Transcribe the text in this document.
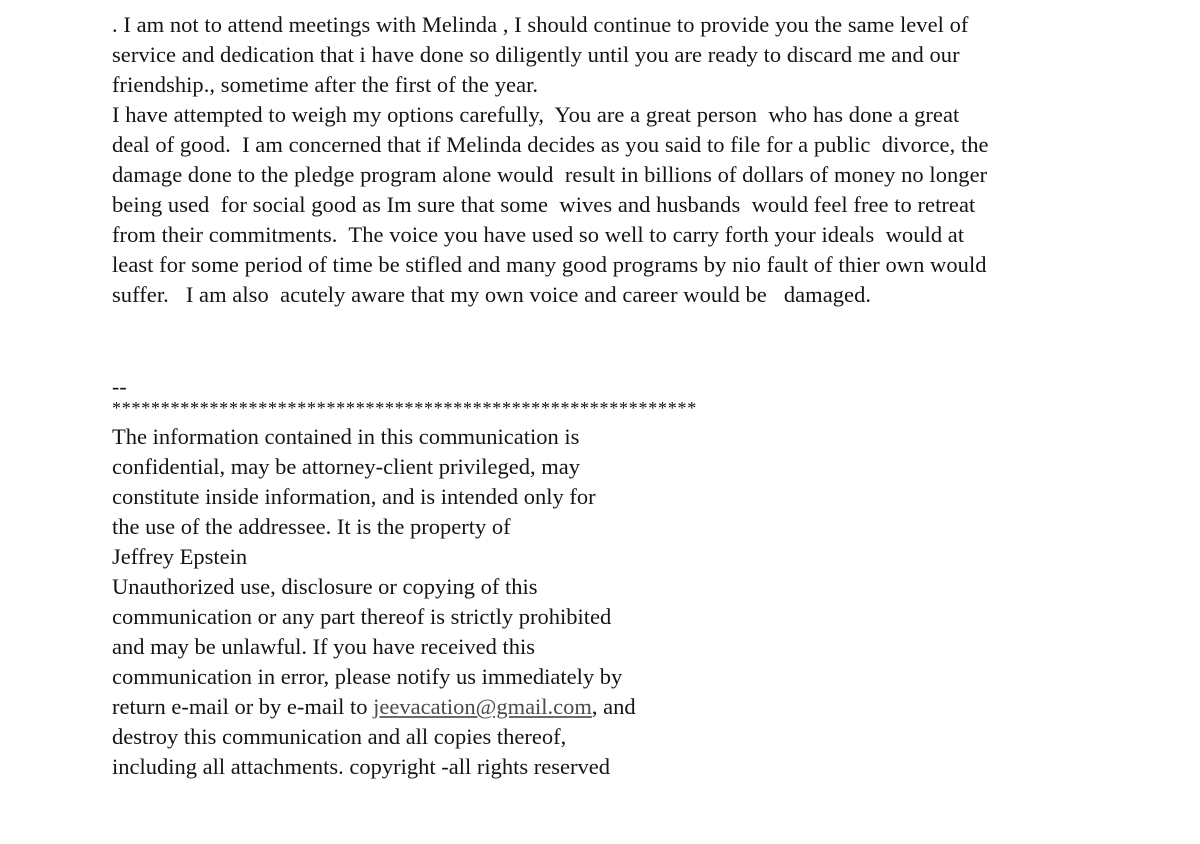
. I am not to attend meetings with Melinda , I should continue to provide you the same level of
service and dedication that i have done so diligently until you are ready to discard me and our
friendship., sometime after the first of the year.
I have attempted to weigh my options carefully,  You are a great person  who has done a great
deal of good.  I am concerned that if Melinda decides as you said to file for a public  divorce, the
damage done to the pledge program alone would  result in billions of dollars of money no longer
being used  for social good as Im sure that some  wives and husbands  would feel free to retreat
from their commitments.  The voice you have used so well to carry forth your ideals  would at
least for some period of time be stifled and many good programs by nio fault of thier own would
suffer.   I am also  acutely aware that my own voice and career would be   damaged.
--
************************************************************
The information contained in this communication is
confidential, may be attorney-client privileged, may
constitute inside information, and is intended only for
the use of the addressee. It is the property of
Jeffrey Epstein
Unauthorized use, disclosure or copying of this
communication or any part thereof is strictly prohibited
and may be unlawful. If you have received this
communication in error, please notify us immediately by
return e-mail or by e-mail to jeevacation@gmail.com, and
destroy this communication and all copies thereof,
including all attachments. copyright -all rights reserved
